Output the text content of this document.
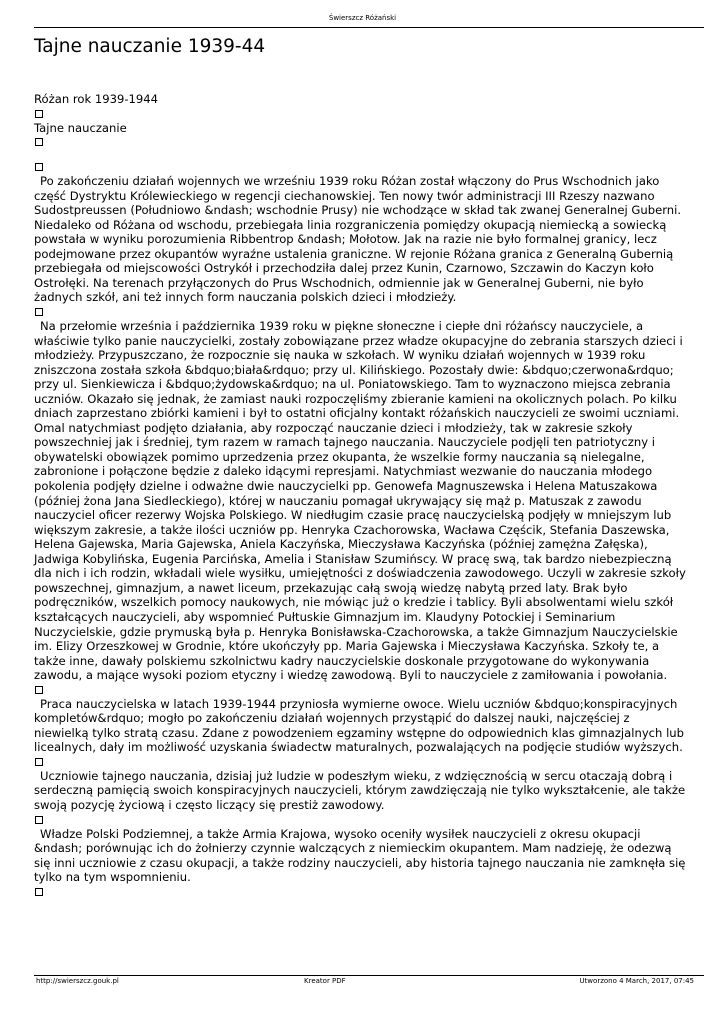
Świerszcz Różański
Tajne nauczanie 1939-44

Różan rok 1939-1944

Tajne nauczanie

Po zakończeniu działań wojennych we wrześniu 1939 roku Różan został włączony do Prus Wschodnich jako część Dystryktu Królewieckiego w regencji ciechanowskiej. Ten nowy twór administracji III Rzeszy nazwano Sudostpreussen (Południowo &ndash; wschodnie Prusy) nie wchodzące w skład tak zwanej Generalnej Guberni. Niedaleko od Różana od wschodu, przebiegała linia rozgraniczenia pomiędzy okupacją niemiecką a sowiecką powstała w wyniku porozumienia Ribbentrop &ndash; Mołotow. Jak na razie nie było formalnej granicy, lecz podejmowane przez okupantów wyraźne ustalenia graniczne. W rejonie Różana granica z Generalną Gubernią przebiegała od miejscowości Ostrykół i przechodziła dalej przez Kunin, Czarnowo, Szczawin do Kaczyn koło Ostrołęki. Na terenach przyłączonych do Prus Wschodnich, odmiennie jak w Generalnej Guberni, nie było żadnych szkół, ani też innych form nauczania polskich dzieci i młodzieży.

Na przełomie września i października 1939 roku w piękne słoneczne i ciepłe dni różańscy nauczyciele, a właściwie tylko panie nauczycielki, zostały zobowiązane przez władze okupacyjne do zebrania starszych dzieci i młodzieży. Przypuszczano, że rozpocznie się nauka w szkołach. W wyniku działań wojennych w 1939 roku zniszczona została szkoła &bdquo;biała&rdquo; przy ul. Kilińskiego. Pozostały dwie: &bdquo;czerwona&rdquo; przy ul. Sienkiewicza i &bdquo;żydowska&rdquo; na ul. Poniatowskiego. Tam to wyznaczono miejsca zebrania uczniów. Okazało się jednak, że zamiast nauki rozpoczęliśmy zbieranie kamieni na okolicznych polach. Po kilku dniach zaprzestano zbiórki kamieni i był to ostatni oficjalny kontakt różańskich nauczycieli ze swoimi uczniami. Omal natychmiast podjęto działania, aby rozpocząć nauczanie dzieci i młodzieży, tak w zakresie szkoły powszechniej jak i średniej, tym razem w ramach tajnego nauczania. Nauczyciele podjęli ten patriotyczny i obywatelski obowiązek pomimo uprzedzenia przez okupanta, że wszelkie formy nauczania są nielegalne, zabronione i połączone będzie z daleko idącymi represjami. Natychmiast wezwanie do nauczania młodego pokolenia podjęły dzielne i odważne dwie nauczycielki pp. Genowefa Magnuszewska i Helena Matuszakowa (później żona Jana Siedleckiego), której w nauczaniu pomagał ukrywający się mąż p. Matuszak z zawodu nauczyciel oficer rezerwy Wojska Polskiego. W niedługim czasie pracę nauczycielską podjęły w mniejszym lub większym zakresie, a także ilości uczniów pp. Henryka Czachorowska, Wacława Częścik, Stefania Daszewska, Helena Gajewska, Maria Gajewska, Aniela Kaczyńska, Mieczysława Kaczyńska (później zamężna Załęska), Jadwiga Kobylińska, Eugenia Parcińska, Amelia i Stanisław Szumińscy. W pracę swą, tak bardzo niebezpieczną dla nich i ich rodzin, wkładali wiele wysiłku, umiejętności z doświadczenia zawodowego. Uczyli w zakresie szkoły powszechnej, gimnazjum, a nawet liceum, przekazując całą swoją wiedzę nabytą przed laty. Brak było podręczników, wszelkich pomocy naukowych, nie mówiąc już o kredzie i tablicy. Byli absolwentami wielu szkół kształcących nauczycieli, aby wspomnieć Pułtuskie Gimnazjum im. Klaudyny Potockiej i Seminarium Nuczycielskie, gdzie prymuską była p. Henryka Bonisławska-Czachorowska, a także Gimnazjum Nauczycielskie im. Elizy Orzeszkowej w Grodnie, które ukończyły pp. Maria Gajewska i Mieczysława Kaczyńska. Szkoły te, a także inne, dawały polskiemu szkolnictwu kadry nauczycielskie doskonale przygotowane do wykonywania zawodu, a mające wysoki poziom etyczny i wiedzę zawodową. Byli to nauczyciele z zamiłowania i powołania.

Praca nauczycielska w latach 1939-1944 przyniosła wymierne owoce. Wielu uczniów &bdquo;konspiracyjnych kompletów&rdquo; mogło po zakończeniu działań wojennych przystąpić do dalszej nauki, najczęściej z niewielką tylko stratą czasu. Zdane z powodzeniem egzaminy wstępne do odpowiednich klas gimnazjalnych lub licealnych, dały im możliwość uzyskania świadectw maturalnych, pozwalających na podjęcie studiów wyższych.

Uczniowie tajnego nauczania, dzisiaj już ludzie w podeszłym wieku, z wdzięcznością w sercu otaczają dobrą i serdeczną pamięcią swoich konspiracyjnych nauczycieli, którym zawdzięczają nie tylko wykształcenie, ale także swoją pozycję życiową i często liczący się prestiż zawodowy.

Władze Polski Podziemnej, a także Armia Krajowa, wysoko oceniły wysiłek nauczycieli z okresu okupacji &ndash; porównując ich do żołnierzy czynnie walczących z niemieckim okupantem. Mam nadzieję, że odezwą się inni uczniowie z czasu okupacji, a także rodziny nauczycieli, aby historia tajnego nauczania nie zamknęła się tylko na tym wspomnieniu.

http://swierszcz.gouk.pl	Kreator PDF	Utworzono 4 March, 2017, 07:45
